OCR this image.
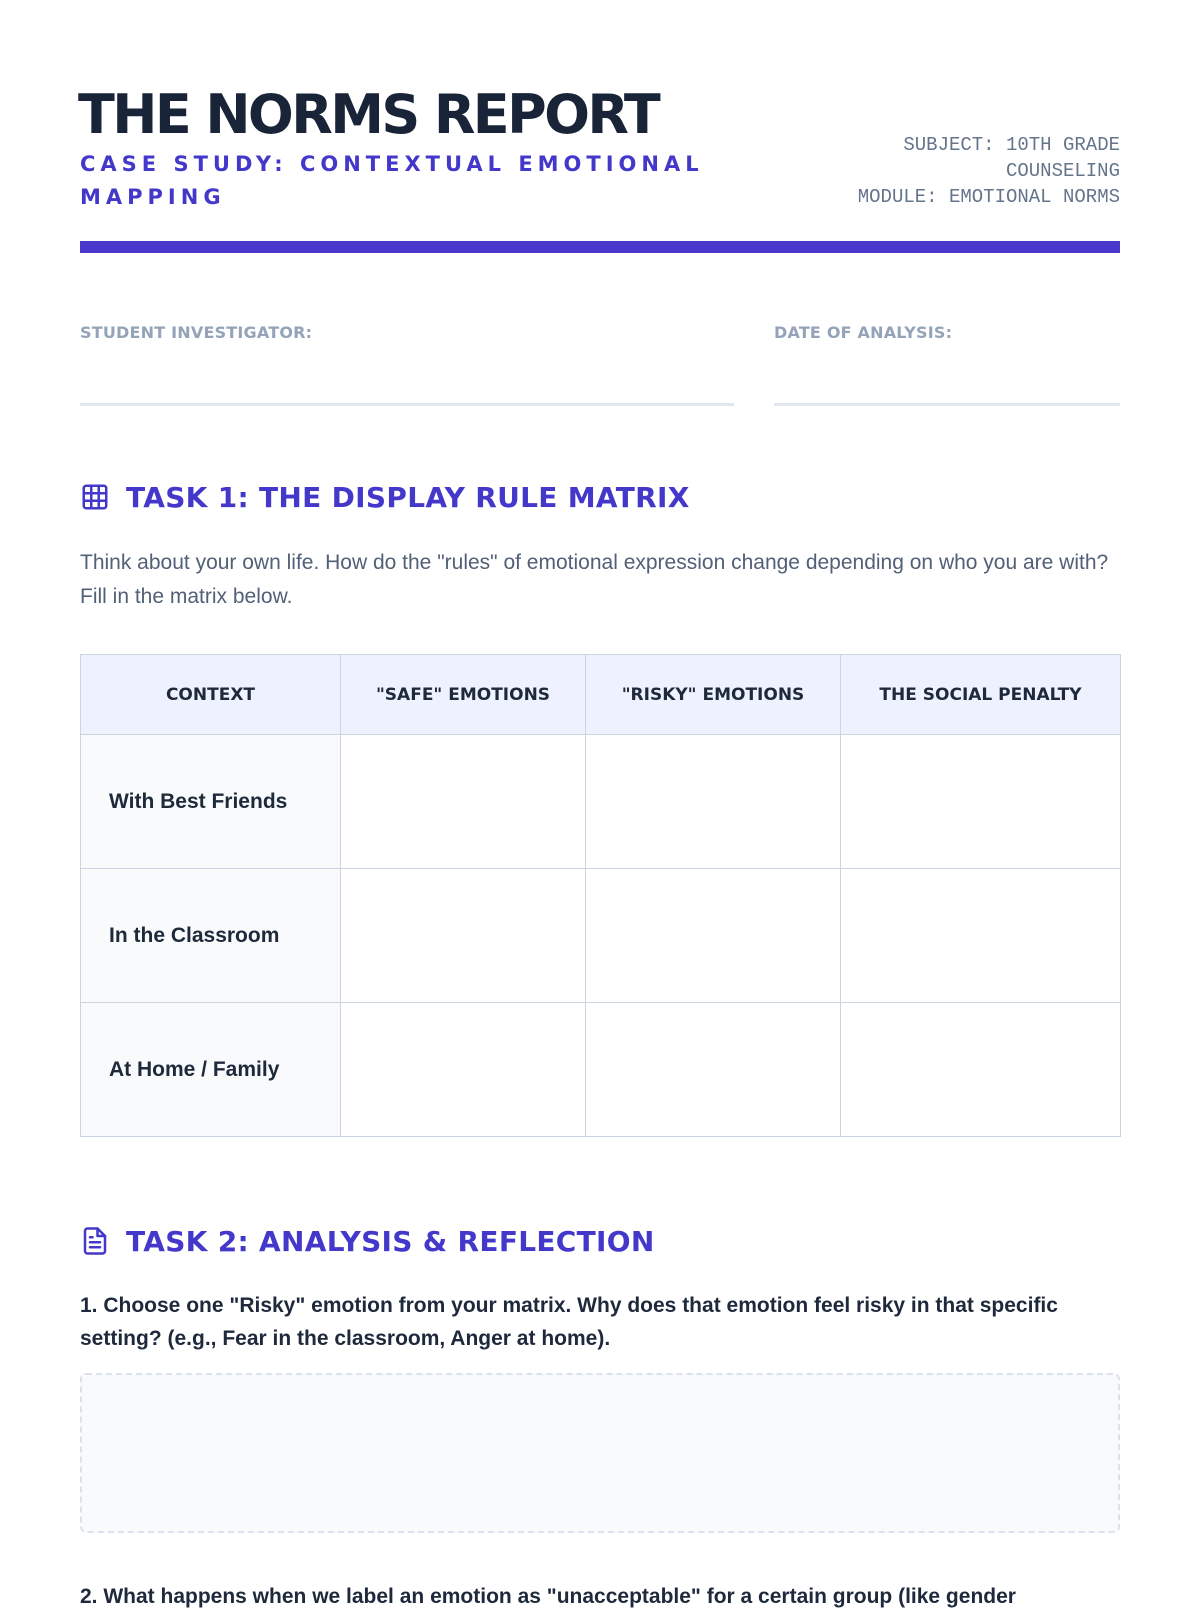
THE NORMS REPORT
CASE STUDY: CONTEXTUAL EMOTIONAL MAPPING
SUBJECT: 10TH GRADE
COUNSELING
MODULE: EMOTIONAL NORMS
STUDENT INVESTIGATOR:	DATE OF ANALYSIS:
TASK 1: THE DISPLAY RULE MATRIX
Think about your own life. How do the "rules" of emotional expression change depending on who you are with? Fill in the matrix below.
CONTEXT	"SAFE" EMOTIONS	"RISKY" EMOTIONS	THE SOCIAL PENALTY
With Best Friends			
In the Classroom			
At Home / Family			
TASK 2: ANALYSIS & REFLECTION
1. Choose one "Risky" emotion from your matrix. Why does that emotion feel risky in that specific setting? (e.g., Fear in the classroom, Anger at home).
2. What happens when we label an emotion as "unacceptable" for a certain group (like gender
